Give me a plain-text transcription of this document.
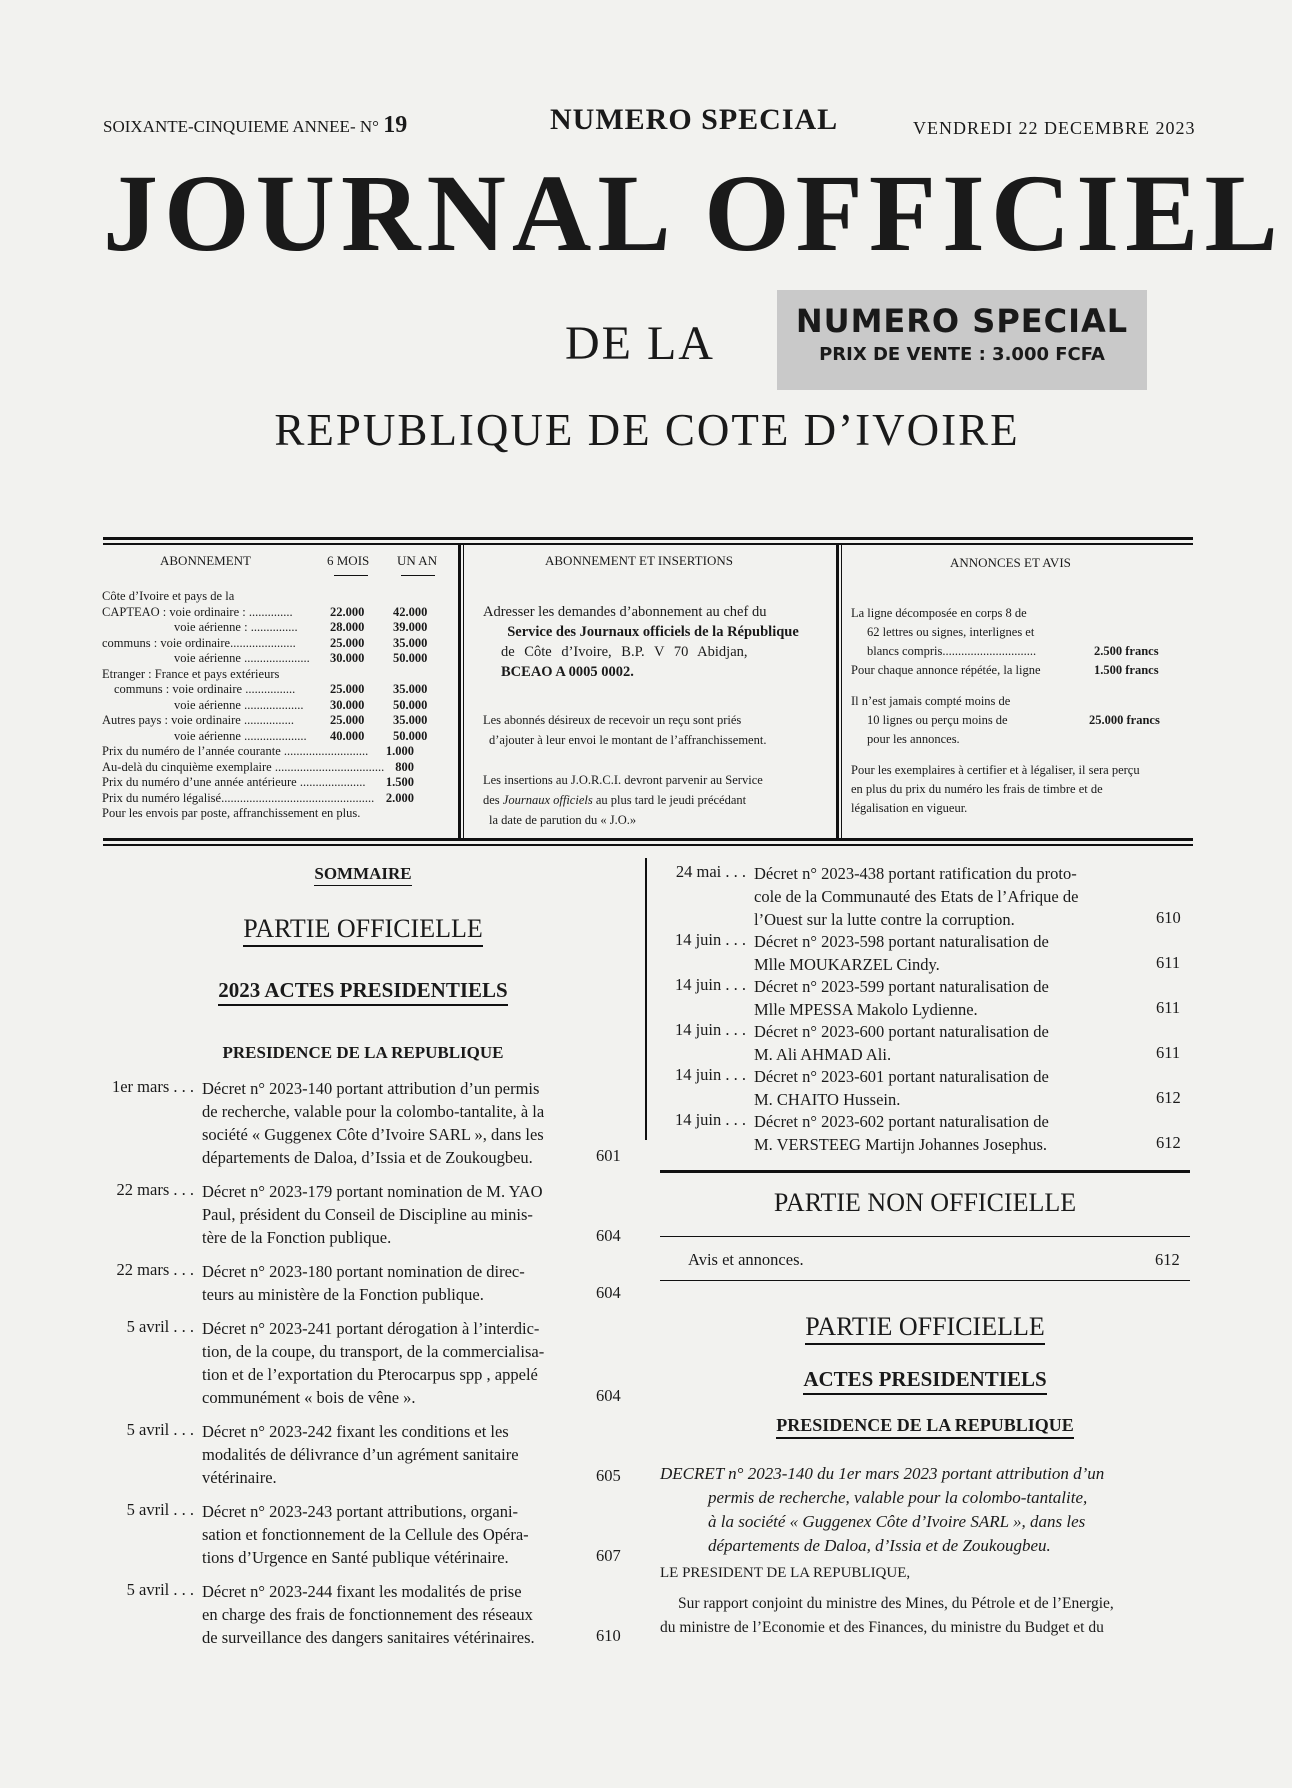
SOIXANTE-CINQUIEME ANNEE- N° 19	NUMERO SPECIAL	VENDREDI 22 DECEMBRE 2023
JOURNAL OFFICIEL
DE LA	NUMERO SPECIAL
PRIX DE VENTE : 3.000 FCFA
REPUBLIQUE DE COTE D’IVOIRE
ABONNEMENT	6 MOIS UN AN
Côte d’Ivoire et pays de la
CAPTEAO : voie ordinaire : ..............	22.000 42.000
voie aérienne : ...............	28.000 39.000
communs : voie ordinaire.....................	25.000 35.000
voie aérienne ..................... 30.000 50.000
Etranger : France et pays extérieurs
communs : voie ordinaire ................	25.000 35.000
voie aérienne ................... 30.000 50.000
Autres pays : voie ordinaire ................	25.000 35.000
voie aérienne .................... 40.000 50.000
Prix du numéro de l’année courante ........................... 1.000
Au-delà du cinquième exemplaire ................................... 800
Prix du numéro d’une année antérieure ..................... 1.500
Prix du numéro légalisé................................................. 2.000
Pour les envois par poste, affranchissement en plus.
ABONNEMENT ET INSERTIONS
Adresser les demandes d’abonnement au chef du
Service des Journaux officiels de la République
de Côte d’Ivoire, B.P. V 70 Abidjan,
BCEAO A 0005 0002.
Les abonnés désireux de recevoir un reçu sont priés
d’ajouter à leur envoi le montant de l’affranchissement.
Les insertions au J.O.R.C.I. devront parvenir au Service
des Journaux officiels au plus tard le jeudi précédant
la date de parution du « J.O.»
ANNONCES ET AVIS
La ligne décomposée en corps 8 de
62 lettres ou signes, interlignes et
blancs compris..............................	2.500 francs
Pour chaque annonce répétée, la ligne	1.500 francs
Il n’est jamais compté moins de
10 lignes ou perçu moins de	25.000 francs
pour les annonces.
Pour les exemplaires à certifier et à légaliser, il sera perçu
en plus du prix du numéro les frais de timbre et de
légalisation en vigueur.
SOMMAIRE
PARTIE OFFICIELLE
2023 ACTES PRESIDENTIELS
PRESIDENCE DE LA REPUBLIQUE
1er mars . . . Décret n° 2023-140 portant attribution d’un permis
de recherche, valable pour la colombo-tantalite, à la
société « Guggenex Côte d’Ivoire SARL », dans les
départements de Daloa, d’Issia et de Zoukougbeu.	601
22 mars . . . Décret n° 2023-179 portant nomination de M. YAO
Paul, président du Conseil de Discipline au minis-
tère de la Fonction publique.	604
22 mars . . . Décret n° 2023-180 portant nomination de direc-
teurs au ministère de la Fonction publique.	604
5 avril . . . Décret n° 2023-241 portant dérogation à l’interdic-
tion, de la coupe, du transport, de la commercialisa-
tion et de l’exportation du Pterocarpus spp , appelé
communément « bois de vêne ».	604
5 avril . . . Décret n° 2023-242 fixant les conditions et les
modalités de délivrance d’un agrément sanitaire
vétérinaire.	605
5 avril . . . Décret n° 2023-243 portant attributions, organi-
sation et fonctionnement de la Cellule des Opéra-
tions d’Urgence en Santé publique vétérinaire.	607
5 avril . . . Décret n° 2023-244 fixant les modalités de prise
en charge des frais de fonctionnement des réseaux
de surveillance des dangers sanitaires vétérinaires.	610
24 mai . . . Décret n° 2023-438 portant ratification du proto-
cole de la Communauté des Etats de l’Afrique de
l’Ouest sur la lutte contre la corruption.	610
14 juin . . . Décret n° 2023-598 portant naturalisation de
Mlle MOUKARZEL Cindy.	611
14 juin . . . Décret n° 2023-599 portant naturalisation de
Mlle MPESSA Makolo Lydienne.	611
14 juin . . . Décret n° 2023-600 portant naturalisation de
M. Ali AHMAD Ali.	611
14 juin . . . Décret n° 2023-601 portant naturalisation de
M. CHAITO Hussein.	612
14 juin . . . Décret n° 2023-602 portant naturalisation de
M. VERSTEEG Martijn Johannes Josephus.	612
PARTIE NON OFFICIELLE
Avis et annonces.	612
PARTIE OFFICIELLE
ACTES PRESIDENTIELS
PRESIDENCE DE LA REPUBLIQUE
DECRET n° 2023-140 du 1er mars 2023 portant attribution d’un
permis de recherche, valable pour la colombo-tantalite,
à la société « Guggenex Côte d’Ivoire SARL », dans les
départements de Daloa, d’Issia et de Zoukougbeu.
LE PRESIDENT DE LA REPUBLIQUE,
Sur rapport conjoint du ministre des Mines, du Pétrole et de l’Energie,
du ministre de l’Economie et des Finances, du ministre du Budget et du
